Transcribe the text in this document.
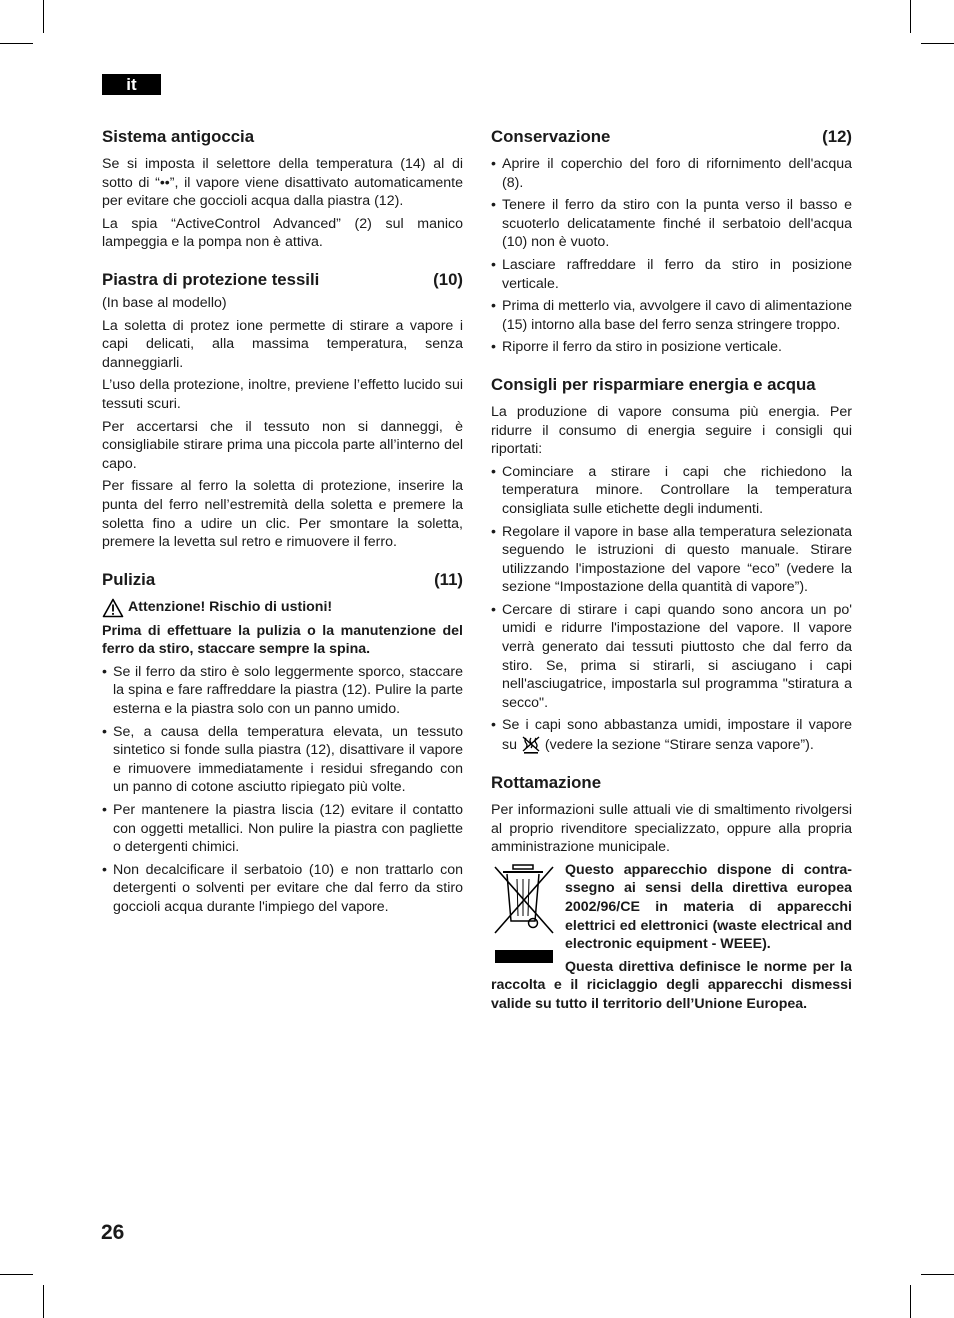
it
Sistema antigoccia

Se si imposta il selettore della temperatura (14) al di sotto di “••”, il vapore viene disattivato automaticamente per evitare che goccioli acqua dalla piastra (12).

La spia “ActiveControl Advanced” (2) sul manico lampeggia e la pompa non è attiva.

Piastra di protezione tessili	(10)

(In base al modello)

La soletta di protez ione permette di stirare a vapore i capi delicati, alla massima temperatura, senza danneggiarli.

L’uso della protezione, inoltre, previene l’effetto lucido sui tessuti scuri.

Per accertarsi che il tessuto non si danneggi, è consigliabile stirare prima una piccola parte all’interno del capo.

Per fissare al ferro la soletta di protezione, inserire la punta del ferro nell’estremità della soletta e premere la soletta fino a udire un clic. Per smontare la soletta, premere la levetta sul retro e rimuovere il ferro.

Pulizia	(11)
Attenzione! Rischio di ustioni!

Prima di effettuare la pulizia o la manutenzione del ferro da stiro, staccare sempre la spina.

• Se il ferro da stiro è solo leggermente sporco, staccare la spina e fare raffreddare la piastra (12). Pulire la parte esterna e la piastra solo con un panno umido.
• Se, a causa della temperatura elevata, un tessuto sintetico si fonde sulla piastra (12), disattivare il vapore e rimuovere immediatamente i residui sfregando con un panno di cotone asciutto ripiegato più volte.
• Per mantenere la piastra liscia (12) evitare il contatto con oggetti metallici. Non pulire la piastra con pagliette o detergenti chimici.
• Non decalcificare il serbatoio (10) e non trattarlo con detergenti o solventi per evitare che dal ferro da stiro goccioli acqua durante l'impiego del vapore.
Conservazione	(12)
• Aprire il coperchio del foro di rifornimento dell'acqua (8).
• Tenere il ferro da stiro con la punta verso il basso e scuoterlo delicatamente finché il serbatoio dell'acqua (10) non è vuoto.
• Lasciare raffreddare il ferro da stiro in posizione verticale.
• Prima di metterlo via, avvolgere il cavo di alimentazione (15) intorno alla base del ferro senza stringere troppo.
• Riporre il ferro da stiro in posizione verticale.
Consigli per risparmiare energia e acqua

La produzione di vapore consuma più energia. Per ridurre il consumo di energia seguire i consigli qui riportati:

• Cominciare a stirare i capi che richiedono la temperatura minore. Controllare la temperatura consigliata sulle etichette degli indumenti.
• Regolare il vapore in base alla temperatura selezionata seguendo le istruzioni di questo manuale. Stirare utilizzando l'impostazione del vapore “eco” (vedere la sezione “Impostazione della quantità di vapore”).
• Cercare di stirare i capi quando sono ancora un po' umidi e ridurre l'impostazione del vapore. Il vapore verrà generato dai tessuti piuttosto che dal ferro da stiro. Se, prima si stirarli, si asciugano i capi nell'asciugatrice, impostarla sul programma "stiratura a secco".
• Se i capi sono abbastanza umidi, impostare il vapore su (vedere la sezione “Stirare senza vapore”).
Rottamazione

Per informazioni sulle attuali vie di smaltimento rivolgersi al proprio rivenditore specializzato, oppure alla propria amministrazione municipale.

Questo apparecchio dispone di contra-ssegno ai sensi della direttiva europea 2002/96/CE in materia di apparecchi elettrici ed elettronici (waste electrical and electronic equipment - WEEE).

Questa direttiva definisce le norme per la raccolta e il riciclaggio degli apparecchi dismessi valide su tutto il territorio dell’Unione Europea.

26
